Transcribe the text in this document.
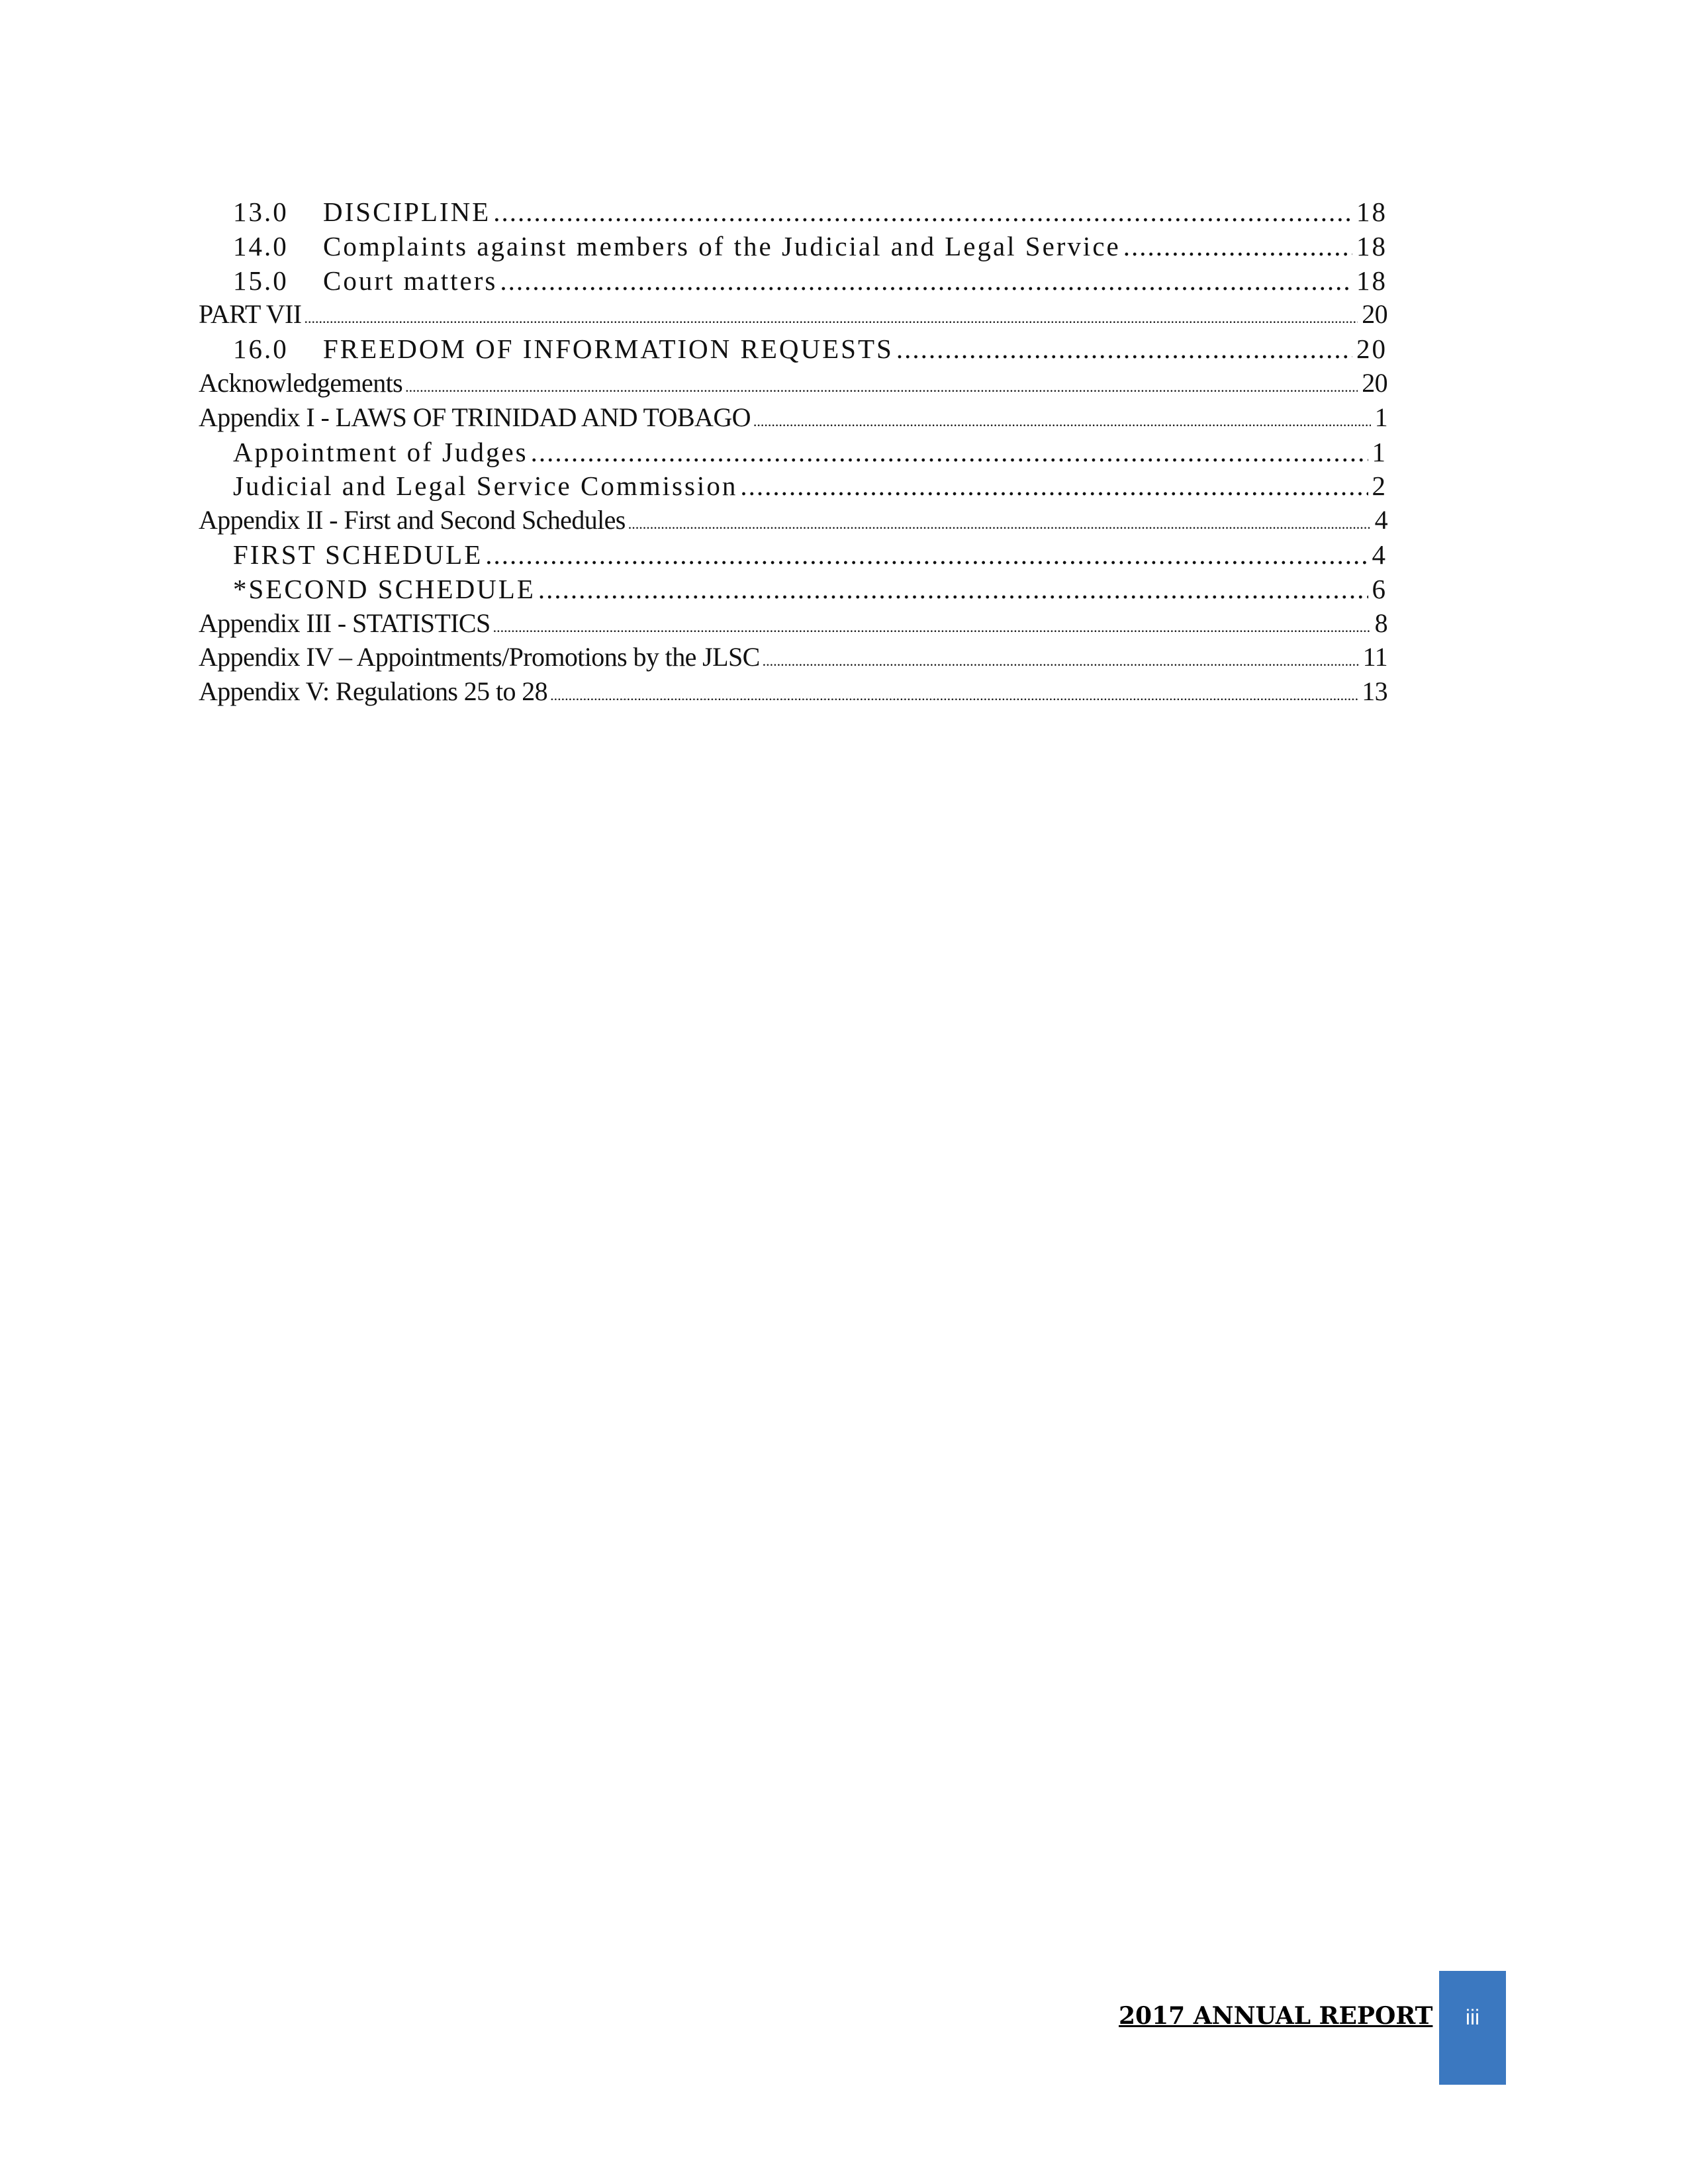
13.0	DISCIPLINE .....	18
14.0	Complaints against members of the Judicial and Legal Service .....	18
15.0	Court matters .....	18
PART VII .....	20
16.0	FREEDOM OF INFORMATION REQUESTS .....	20
Acknowledgements .....	20
Appendix I - LAWS OF TRINIDAD AND TOBAGO .....	1
Appointment of Judges .....	1
Judicial and Legal Service Commission .....	2
Appendix II - First and Second Schedules .....	4
FIRST SCHEDULE .....	4
*SECOND SCHEDULE .....	6
Appendix III - STATISTICS .....	8
Appendix IV – Appointments/Promotions by the JLSC .....	11
Appendix V: Regulations 25 to 28 .....	13
2017 ANNUAL REPORT	iii
